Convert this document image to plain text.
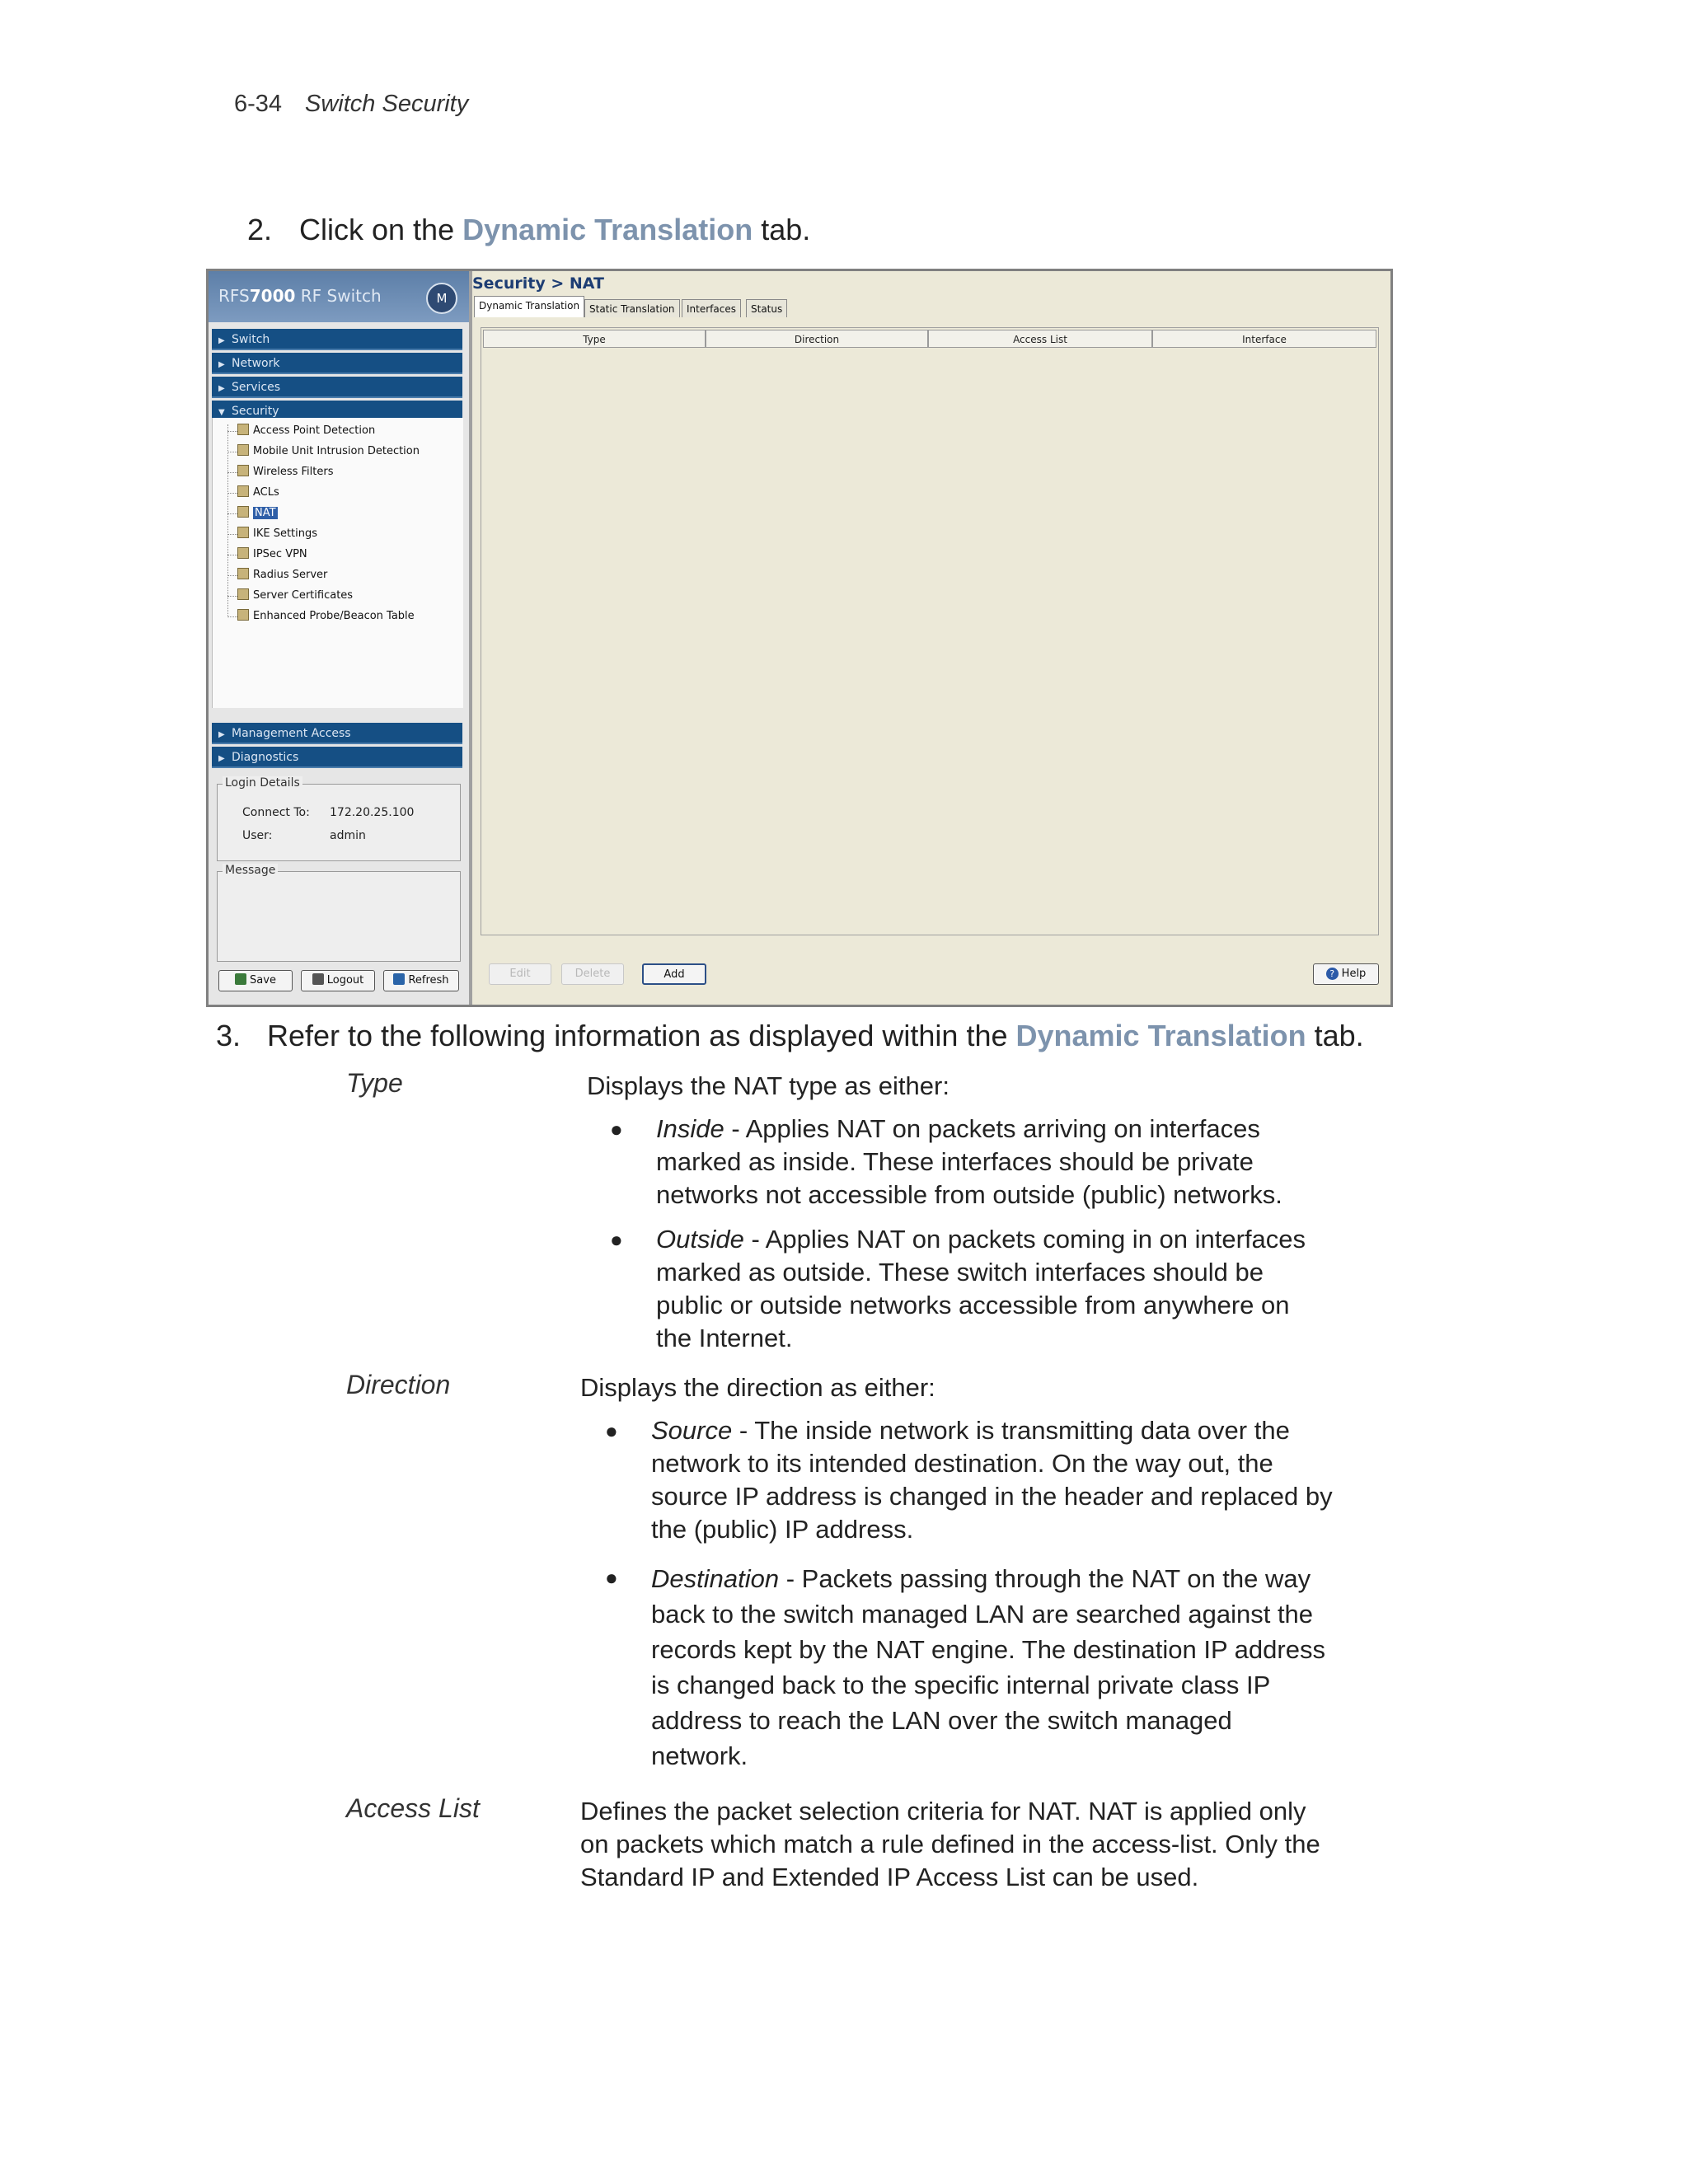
6-34 Switch Security
2. Click on the Dynamic Translation tab.
RFS7000 RF Switch	M
▶ Switch
▶ Network
▶ Services
▼ Security
Access Point Detection
Mobile Unit Intrusion Detection
Wireless Filters
ACLs
NAT
IKE Settings
IPSec VPN
Radius Server
Server Certificates
Enhanced Probe/Beacon Table
▶ Management Access
▶ Diagnostics
Login Details
Connect To: 172.20.25.100
User:	admin
Message
Save	Logout	Refresh
Security > NAT
Dynamic Translation Static Translation	Interfaces	Status
Type	Direction	Access List	Interface
Edit	Delete	Add	? Help
3. Refer to the following information as displayed within the Dynamic Translation tab.
Type	Displays the NAT type as either:
● Inside - Applies NAT on packets arriving on interfaces
marked as inside. These interfaces should be private
networks not accessible from outside (public) networks.
● Outside - Applies NAT on packets coming in on interfaces
marked as outside. These switch interfaces should be
public or outside networks accessible from anywhere on
the Internet.
Direction	Displays the direction as either:
● Source - The inside network is transmitting data over the
network to its intended destination. On the way out, the
source IP address is changed in the header and replaced by
the (public) IP address.
● Destination - Packets passing through the NAT on the way
back to the switch managed LAN are searched against the
records kept by the NAT engine. The destination IP address
is changed back to the specific internal private class IP
address to reach the LAN over the switch managed
network.
Access List	Defines the packet selection criteria for NAT. NAT is applied only
on packets which match a rule defined in the access-list. Only the
Standard IP and Extended IP Access List can be used.
